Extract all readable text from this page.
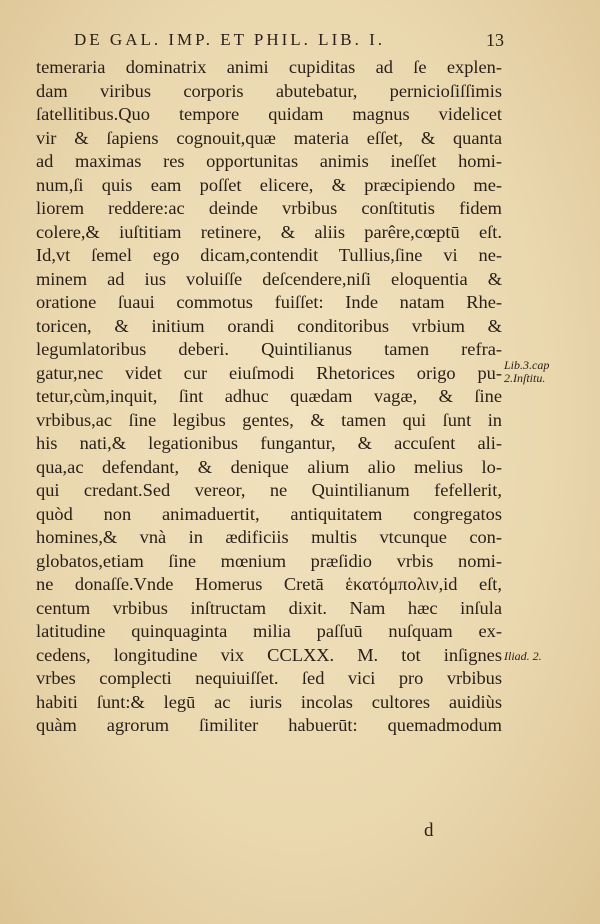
DE GAL. IMP. ET PHIL. LIB. I.	13
temeraria dominatrix animi cupiditas ad ſe explen-
dam viribus corporis abutebatur, pernicioſiſſimis
ſatellitibus.Quo tempore quidam magnus videlicet
vir & ſapiens cognouit,quæ materia eſſet, & quanta
ad maximas res opportunitas animis ineſſet homi-
num,ſi quis eam poſſet elicere, & præcipiendo me-
liorem reddere:ac deinde vrbibus conſtitutis fidem
colere,& iuſtitiam retinere, & aliis parêre,cœptū eſt.
Id,vt ſemel ego dicam,contendit Tullius,ſine vi ne-
minem ad ius voluiſſe deſcendere,niſi eloquentia &
oratione ſuaui commotus fuiſſet: Inde natam Rhe-
toricen, & initium orandi conditoribus vrbium &
legumlatoribus deberi. Quintilianus tamen refra-
gatur,nec videt cur eiuſmodi Rhetorices origo pu-
tetur,cùm,inquit, ſint adhuc quædam vagæ, & ſine
vrbibus,ac ſine legibus gentes, & tamen qui ſunt in
his nati,& legationibus fungantur, & accuſent ali-
qua,ac defendant, & denique alium alio melius lo-
qui credant.Sed vereor, ne Quintilianum fefellerit,
quòd non animaduertit, antiquitatem congregatos
homines,& vnà in ædificiis multis vtcunque con-
globatos,etiam ſine mœnium præſidio vrbis nomi-
ne donaſſe.Vnde Homerus Cretā ἑκατόμπολιν,id eſt,
centum vrbibus inſtructam dixit. Nam hæc inſula
latitudine quinquaginta milia paſſuū nuſquam ex-
cedens, longitudine vix CCLXX. M. tot inſignes
vrbes complecti nequiuiſſet. ſed vici pro vrbibus
habiti ſunt:& legū ac iuris incolas cultores auidiùs
quàm agrorum ſimiliter habuerūt: quemadmodum
Lib.3.cap
2.Inſtitu.
Iliad. 2.
d
